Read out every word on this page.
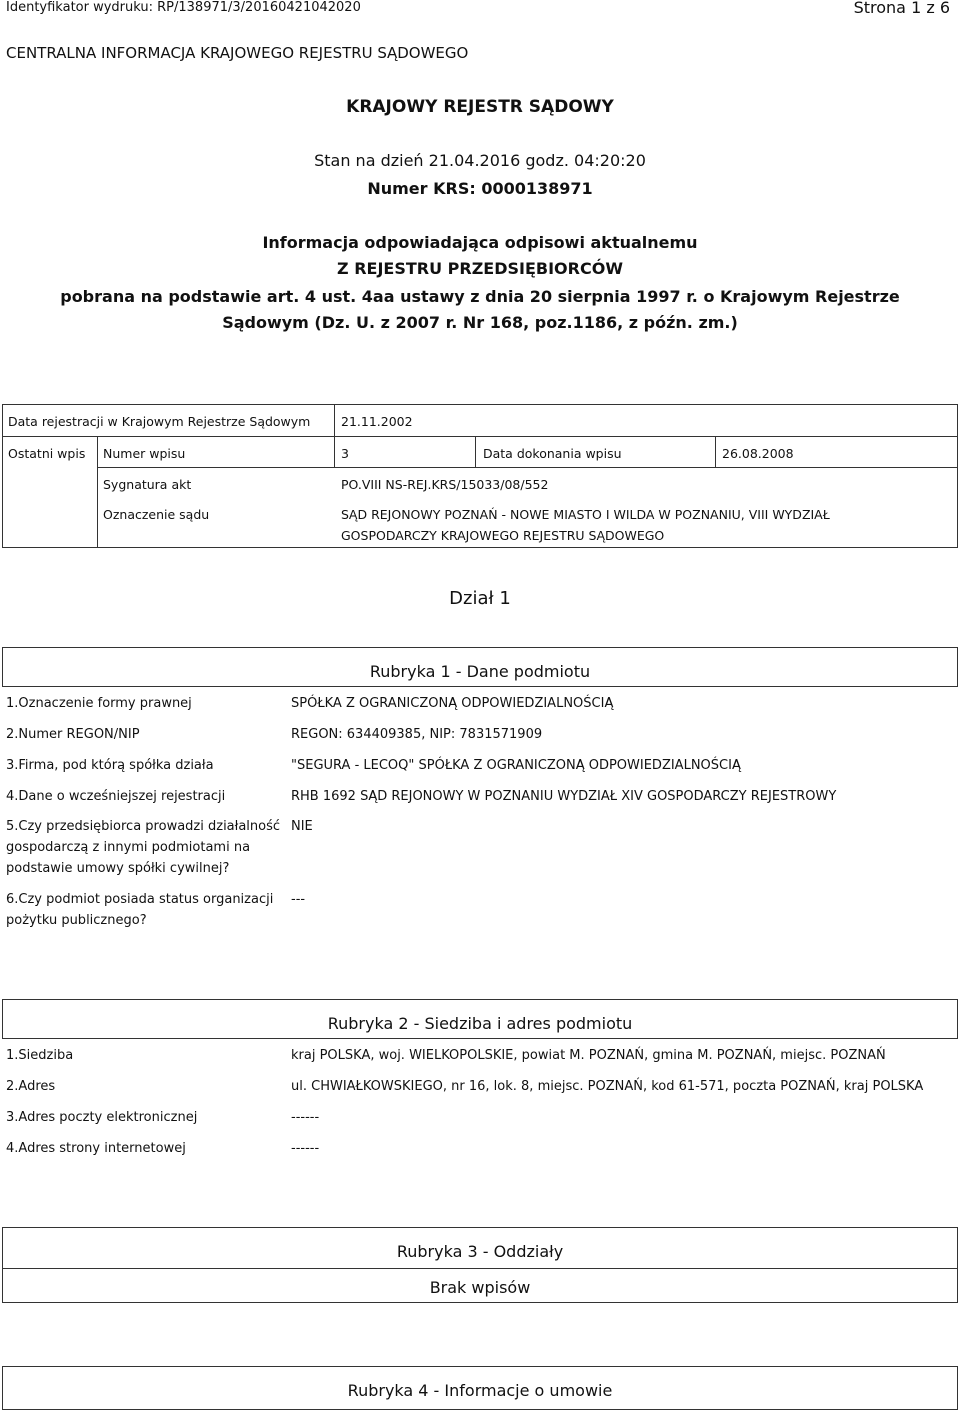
Identyfikator wydruku: RP/138971/3/20160421042020	Strona 1 z 6
CENTRALNA INFORMACJA KRAJOWEGO REJESTRU SĄDOWEGO
KRAJOWY REJESTR SĄDOWY
Stan na dzień 21.04.2016 godz. 04:20:20
Numer KRS: 0000138971
Informacja odpowiadająca odpisowi aktualnemu
Z REJESTRU PRZEDSIĘBIORCÓW
pobrana na podstawie art. 4 ust. 4aa ustawy z dnia 20 sierpnia 1997 r. o Krajowym Rejestrze
Sądowym (Dz. U. z 2007 r. Nr 168, poz.1186, z późn. zm.)
Data rejestracji w Krajowym Rejestrze Sądowym 21.11.2002
Ostatni wpis Numer wpisu	3	Data dokonania wpisu	26.08.2008
Sygnatura akt	PO.VIII NS-REJ.KRS/15033/08/552
Oznaczenie sądu	SĄD REJONOWY POZNAŃ - NOWE MIASTO I WILDA W POZNANIU, VIII WYDZIAŁ
GOSPODARCZY KRAJOWEGO REJESTRU SĄDOWEGO
Dział 1
Rubryka 1 - Dane podmiotu
1.Oznaczenie formy prawnej	SPÓŁKA Z OGRANICZONĄ ODPOWIEDZIALNOŚCIĄ
2.Numer REGON/NIP	REGON: 634409385, NIP: 7831571909
3.Firma, pod którą spółka działa	"SEGURA - LECOQ" SPÓŁKA Z OGRANICZONĄ ODPOWIEDZIALNOŚCIĄ
4.Dane o wcześniejszej rejestracji	RHB 1692 SĄD REJONOWY W POZNANIU WYDZIAŁ XIV GOSPODARCZY REJESTROWY
5.Czy przedsiębiorca prowadzi działalność
gospodarczą z innymi podmiotami na
podstawie umowy spółki cywilnej?
NIE
6.Czy podmiot posiada status organizacji
pożytku publicznego?
---
Rubryka 2 - Siedziba i adres podmiotu
1.Siedziba	kraj POLSKA, woj. WIELKOPOLSKIE, powiat M. POZNAŃ, gmina M. POZNAŃ, miejsc. POZNAŃ
2.Adres	ul. CHWIAŁKOWSKIEGO, nr 16, lok. 8, miejsc. POZNAŃ, kod 61-571, poczta POZNAŃ, kraj POLSKA
3.Adres poczty elektronicznej	------
4.Adres strony internetowej	------
Rubryka 3 - Oddziały
Brak wpisów
Rubryka 4 - Informacje o umowie
